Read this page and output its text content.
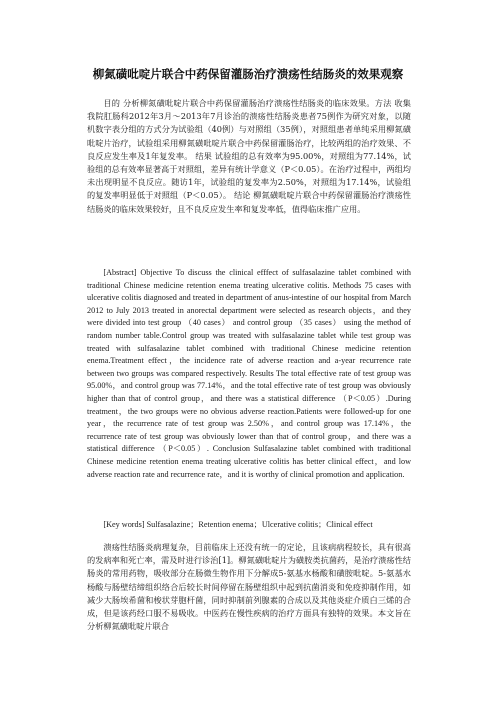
柳氮磺吡啶片联合中药保留灌肠治疗溃疡性结肠炎的效果观察
目的 分析柳氮磺吡啶片联合中药保留灌肠治疗溃疡性结肠炎的临床效果。方法 收集我院肛肠科2012年3月～2013年7月诊治的溃疡性结肠炎患者75例作为研究对象，以随机数字表分组的方式分为试验组（40例）与对照组（35例），对照组患者单纯采用柳氮磺吡啶片治疗，试验组采用柳氮磺吡啶片联合中药保留灌肠治疗，比较两组的治疗效果、不良反应发生率及1年复发率。 结果 试验组的总有效率为95.00%，对照组为77.14%，试验组的总有效率显著高于对照组，差异有统计学意义（P＜0.05）。在治疗过程中，两组均未出现明显不良反应。随访1年，试验组的复发率为2.50%，对照组为17.14%，试验组的复发率明显低于对照组（P＜0.05）。 结论 柳氮磺吡啶片联合中药保留灌肠治疗溃疡性结肠炎的临床效果较好，且不良反应发生率和复发率低，值得临床推广应用。
[Abstract] Objective To discuss the clinical efffect of sulfasalazine tablet combined with traditional Chinese medicine retention enema treating ulcerative colitis. Methods 75 cases with ulcerative colitis diagnosed and treated in department of anus-intestine of our hospital from March 2012 to July 2013 treated in anorectal department were selected as research objects，and they were divided into test group （40 cases） and control group （35 cases） using the method of random number table.Control group was treated with sulfasalazine tablet while test group was treated with sulfasalazine tablet combined with traditional Chinese medicine retention enema.Treatment effect，the incidence rate of adverse reaction and a-year recurrence rate between two groups was compared respectively. Results The total effective rate of test group was 95.00%，and control group was 77.14%，and the total effective rate of test group was obviously higher than that of control group，and there was a statistical difference （P＜0.05）.During treatment，the two groups were no obvious adverse reaction.Patients were followed-up for one year，the recurrence rate of test group was 2.50%，and control group was 17.14%，the recurrence rate of test group was obviously lower than that of control group，and there was a statistical difference （P＜0.05）. Conclusion Sulfasalazine tablet combined with traditional Chinese medicine retention enema treating ulcerative colitis has better clinical effect，and low adverse reaction rate and recurrence rate，and it is worthy of clinical promotion and application.
[Key words] Sulfasalazine；Retention enema；Ulcerative colitis；Clinical effect
溃疡性结肠炎病理复杂，目前临床上还没有统一的定论，且该病病程较长，具有很高的发病率和死亡率，需及时进行诊治[1]。柳氮磺吡啶片为磺胺类抗菌药，是治疗溃疡性结肠炎的常用药物，吸收部分在肠微生物作用下分解成5-氨基水杨酸和磺胺吡啶。5-氨基水杨酸与肠壁结缔组织络合后较长时间停留在肠壁组织中起到抗菌消炎和免疫抑制作用，如减少大肠埃希菌和梭状芽胞杆菌，同时抑制前列腺素的合成以及其他炎症介质白三烯的合成，但是该药经口服不易吸收。中医药在慢性疾病的治疗方面具有独特的效果。本文旨在分析柳氮磺吡啶片联合
